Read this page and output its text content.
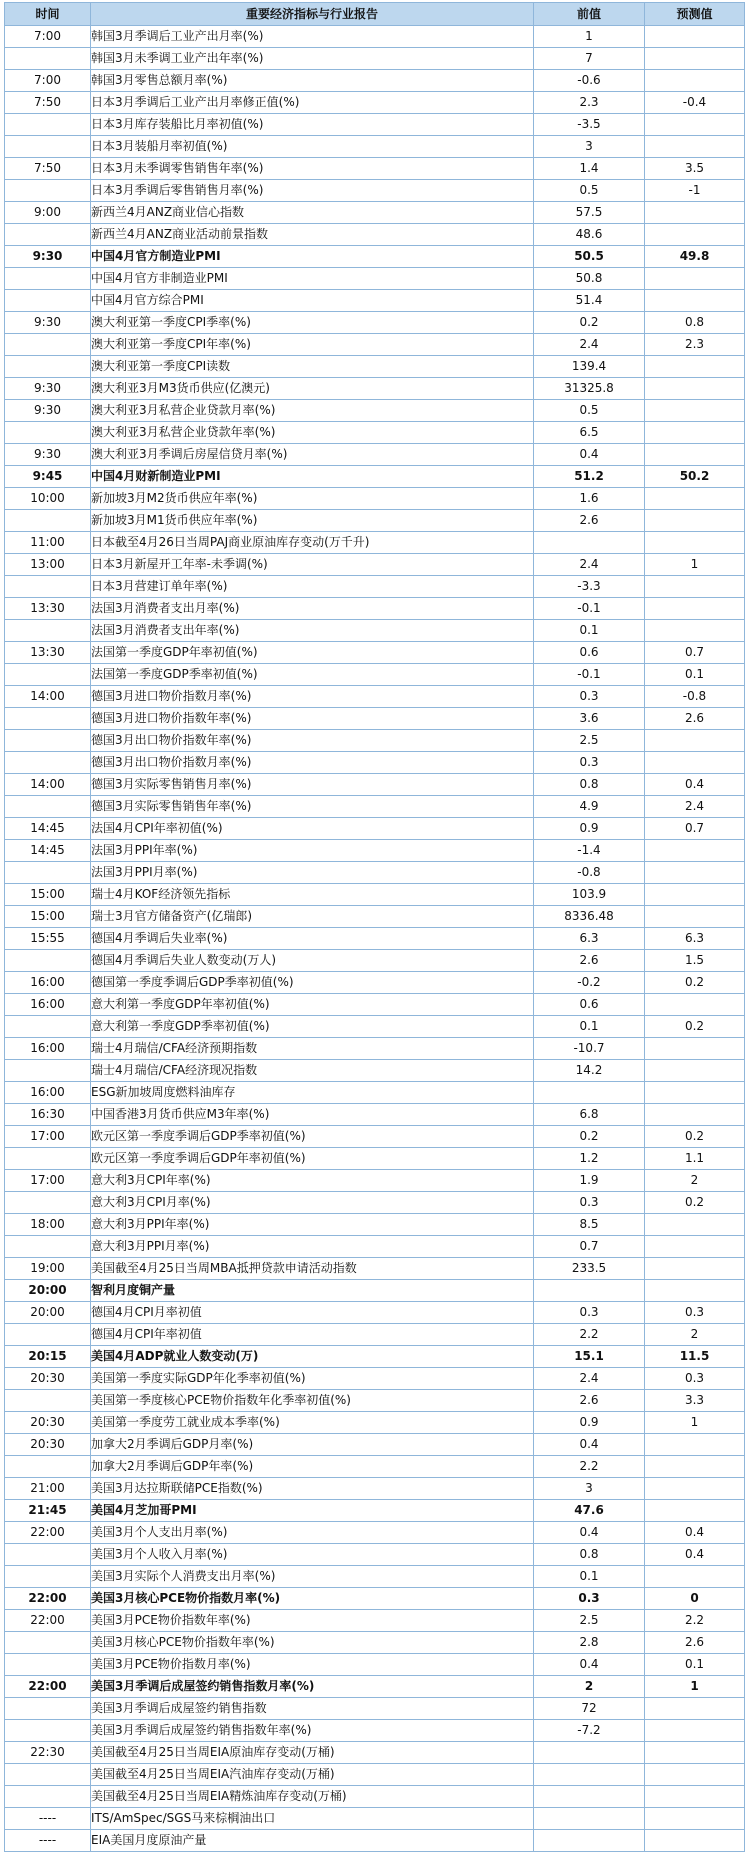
时间	重要经济指标与行业报告	前值	预测值
7:00	韩国3月季调后工业产出月率(%)	1	
	韩国3月未季调工业产出年率(%)	7	
7:00	韩国3月零售总额月率(%)	-0.6	
7:50	日本3月季调后工业产出月率修正值(%)	2.3	-0.4
	日本3月库存装船比月率初值(%)	-3.5	
	日本3月装船月率初值(%)	3	
7:50	日本3月未季调零售销售年率(%)	1.4	3.5
	日本3月季调后零售销售月率(%)	0.5	-1
9:00	新西兰4月ANZ商业信心指数	57.5	
	新西兰4月ANZ商业活动前景指数	48.6	
9:30	中国4月官方制造业PMI	50.5	49.8
	中国4月官方非制造业PMI	50.8	
	中国4月官方综合PMI	51.4	
9:30	澳大利亚第一季度CPI季率(%)	0.2	0.8
	澳大利亚第一季度CPI年率(%)	2.4	2.3
	澳大利亚第一季度CPI读数	139.4	
9:30	澳大利亚3月M3货币供应(亿澳元)	31325.8	
9:30	澳大利亚3月私营企业贷款月率(%)	0.5	
	澳大利亚3月私营企业贷款年率(%)	6.5	
9:30	澳大利亚3月季调后房屋信贷月率(%)	0.4	
9:45	中国4月财新制造业PMI	51.2	50.2
10:00	新加坡3月M2货币供应年率(%)	1.6	
	新加坡3月M1货币供应年率(%)	2.6	
11:00	日本截至4月26日当周PAJ商业原油库存变动(万千升)		
13:00	日本3月新屋开工年率-未季调(%)	2.4	1
	日本3月营建订单年率(%)	-3.3	
13:30	法国3月消费者支出月率(%)	-0.1	
	法国3月消费者支出年率(%)	0.1	
13:30	法国第一季度GDP年率初值(%)	0.6	0.7
	法国第一季度GDP季率初值(%)	-0.1	0.1
14:00	德国3月进口物价指数月率(%)	0.3	-0.8
	德国3月进口物价指数年率(%)	3.6	2.6
	德国3月出口物价指数年率(%)	2.5	
	德国3月出口物价指数月率(%)	0.3	
14:00	德国3月实际零售销售月率(%)	0.8	0.4
	德国3月实际零售销售年率(%)	4.9	2.4
14:45	法国4月CPI年率初值(%)	0.9	0.7
14:45	法国3月PPI年率(%)	-1.4	
	法国3月PPI月率(%)	-0.8	
15:00	瑞士4月KOF经济领先指标	103.9	
15:00	瑞士3月官方储备资产(亿瑞郎)	8336.48	
15:55	德国4月季调后失业率(%)	6.3	6.3
	德国4月季调后失业人数变动(万人)	2.6	1.5
16:00	德国第一季度季调后GDP季率初值(%)	-0.2	0.2
16:00	意大利第一季度GDP年率初值(%)	0.6	
	意大利第一季度GDP季率初值(%)	0.1	0.2
16:00	瑞士4月瑞信/CFA经济预期指数	-10.7	
	瑞士4月瑞信/CFA经济现况指数	14.2	
16:00	ESG新加坡周度燃料油库存		
16:30	中国香港3月货币供应M3年率(%)	6.8	
17:00	欧元区第一季度季调后GDP季率初值(%)	0.2	0.2
	欧元区第一季度季调后GDP年率初值(%)	1.2	1.1
17:00	意大利3月CPI年率(%)	1.9	2
	意大利3月CPI月率(%)	0.3	0.2
18:00	意大利3月PPI年率(%)	8.5	
	意大利3月PPI月率(%)	0.7	
19:00	美国截至4月25日当周MBA抵押贷款申请活动指数	233.5	
20:00	智利月度铜产量		
20:00	德国4月CPI月率初值	0.3	0.3
	德国4月CPI年率初值	2.2	2
20:15	美国4月ADP就业人数变动(万)	15.1	11.5
20:30	美国第一季度实际GDP年化季率初值(%)	2.4	0.3
	美国第一季度核心PCE物价指数年化季率初值(%)	2.6	3.3
20:30	美国第一季度劳工就业成本季率(%)	0.9	1
20:30	加拿大2月季调后GDP月率(%)	0.4	
	加拿大2月季调后GDP年率(%)	2.2	
21:00	美国3月达拉斯联储PCE指数(%)	3	
21:45	美国4月芝加哥PMI	47.6	
22:00	美国3月个人支出月率(%)	0.4	0.4
	美国3月个人收入月率(%)	0.8	0.4
	美国3月实际个人消费支出月率(%)	0.1	
22:00	美国3月核心PCE物价指数月率(%)	0.3	0
22:00	美国3月PCE物价指数年率(%)	2.5	2.2
	美国3月核心PCE物价指数年率(%)	2.8	2.6
	美国3月PCE物价指数月率(%)	0.4	0.1
22:00	美国3月季调后成屋签约销售指数月率(%)	2	1
	美国3月季调后成屋签约销售指数	72	
	美国3月季调后成屋签约销售指数年率(%)	-7.2	
22:30	美国截至4月25日当周EIA原油库存变动(万桶)		
	美国截至4月25日当周EIA汽油库存变动(万桶)		
	美国截至4月25日当周EIA精炼油库存变动(万桶)		
----	ITS/AmSpec/SGS马来棕榈油出口		
----	EIA美国月度原油产量		
